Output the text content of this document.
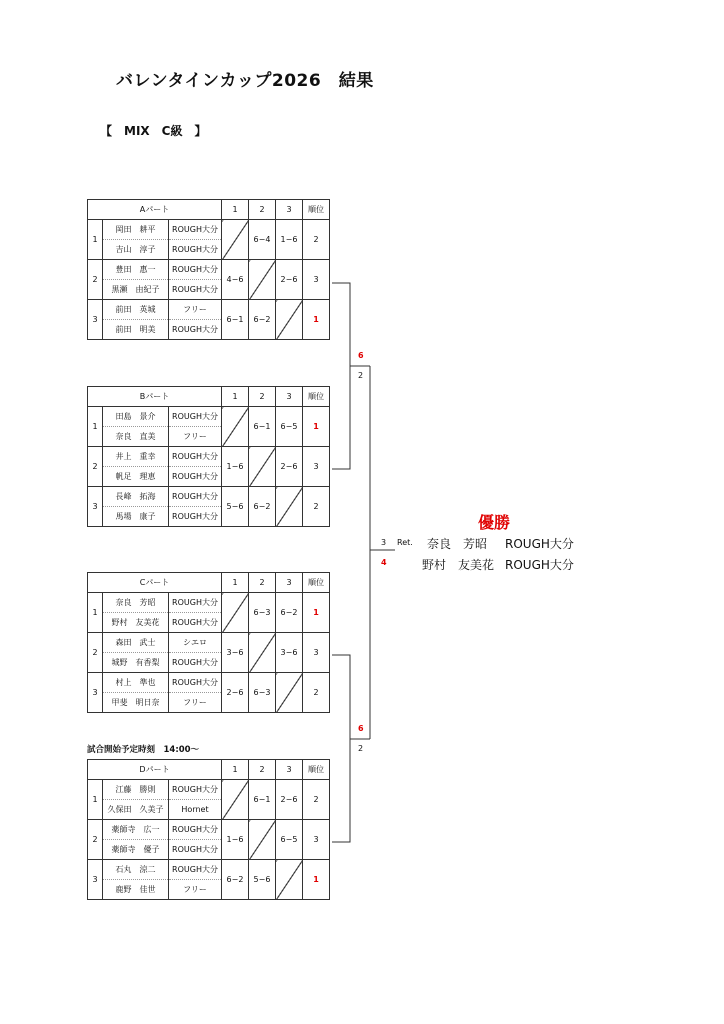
バレンタインカップ2026　結果
【　MIX　C級　】
Aパート			1	2	3	順位
1	岡田　耕平	ROUGH大分		6−4	1−6	2
	吉山　淳子	ROUGH大分				
2	豊田　惠一	ROUGH大分	4−6		2−6	3
	黒瀬　由紀子	ROUGH大分				
3	前田　英城	フリー	6−1	6−2		1
	前田　明美	ROUGH大分				
Bパート			1	2	3	順位
1	田島　景介	ROUGH大分		6−1	6−5	1
	奈良　直美	フリー				
2	井上　重幸	ROUGH大分	1−6		2−6	3
	帆足　理恵	ROUGH大分				
3	長峰　拓海	ROUGH大分	5−6	6−2		2
	馬場　康子	ROUGH大分				
Cパート			1	2	3	順位
1	奈良　芳昭	ROUGH大分		6−3	6−2	1
	野村　友美花	ROUGH大分				
2	森田　武士	シエロ	3−6		3−6	3
	城野　有香梨	ROUGH大分				
3	村上　準也	ROUGH大分	2−6	6−3		2
	甲斐　明日奈	フリー				
試合開始予定時刻　14:00～
Dパート			1	2	3	順位
1	江藤　勝則	ROUGH大分		6−1	2−6	2
	久保田　久美子	Hornet				
2	薬師寺　広一	ROUGH大分	1−6		6−5	3
	薬師寺　優子	ROUGH大分				
3	石丸　涼二	ROUGH大分	6−2	5−6		1
	鹿野　佳世	フリー				
6
2
6
2
3 Ret.
4
優勝
奈良　芳昭 ROUGH大分
野村　友美花 ROUGH大分
